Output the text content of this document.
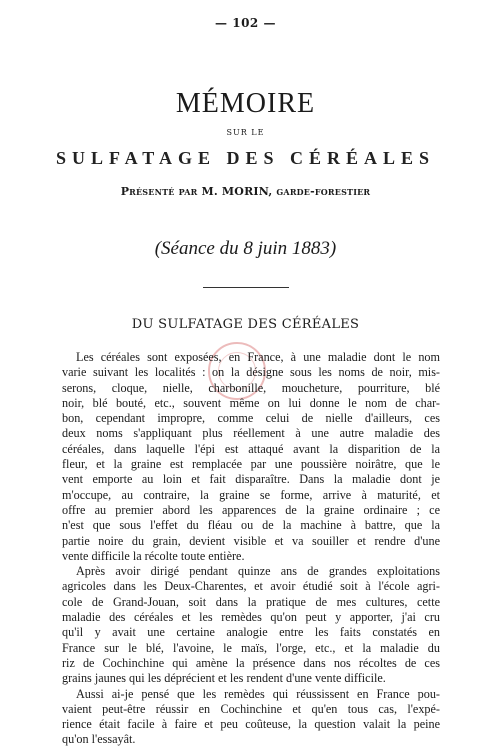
— 102 —
MÉMOIRE
SUR LE
SULFATAGE DES CÉRÉALES
Présenté par M. MORIN, garde-forestier
(Séance du 8 juin 1883)
DU SULFATAGE DES CÉRÉALES
Les céréales sont exposées, en France, à une maladie dont le nom
varie suivant les localités : on la désigne sous les noms de noir, mis-
serons, cloque, nielle, charbonille, moucheture, pourriture, blé
noir, blé bouté, etc., souvent même on lui donne le nom de char-
bon, cependant impropre, comme celui de nielle d'ailleurs, ces
deux noms s'appliquant plus réellement à une autre maladie des
céréales, dans laquelle l'épi est attaqué avant la disparition de la
fleur, et la graine est remplacée par une poussière noirâtre, que le
vent emporte au loin et fait disparaître. Dans la maladie dont je
m'occupe, au contraire, la graine se forme, arrive à maturité, et
offre au premier abord les apparences de la graine ordinaire ; ce
n'est que sous l'effet du fléau ou de la machine à battre, que la
partie noire du grain, devient visible et va souiller et rendre d'une
vente difficile la récolte toute entière.
Après avoir dirigé pendant quinze ans de grandes exploitations
agricoles dans les Deux-Charentes, et avoir étudié soit à l'école agri-
cole de Grand-Jouan, soit dans la pratique de mes cultures, cette
maladie des céréales et les remèdes qu'on peut y apporter, j'ai cru
qu'il y avait une certaine analogie entre les faits constatés en
France sur le blé, l'avoine, le maïs, l'orge, etc., et la maladie du
riz de Cochinchine qui amène la présence dans nos récoltes de ces
grains jaunes qui les déprécient et les rendent d'une vente difficile.
Aussi ai-je pensé que les remèdes qui réussissent en France pou-
vaient peut-être réussir en Cochinchine et qu'en tous cas, l'expé-
rience était facile à faire et peu coûteuse, la question valait la peine
qu'on l'essayât.
